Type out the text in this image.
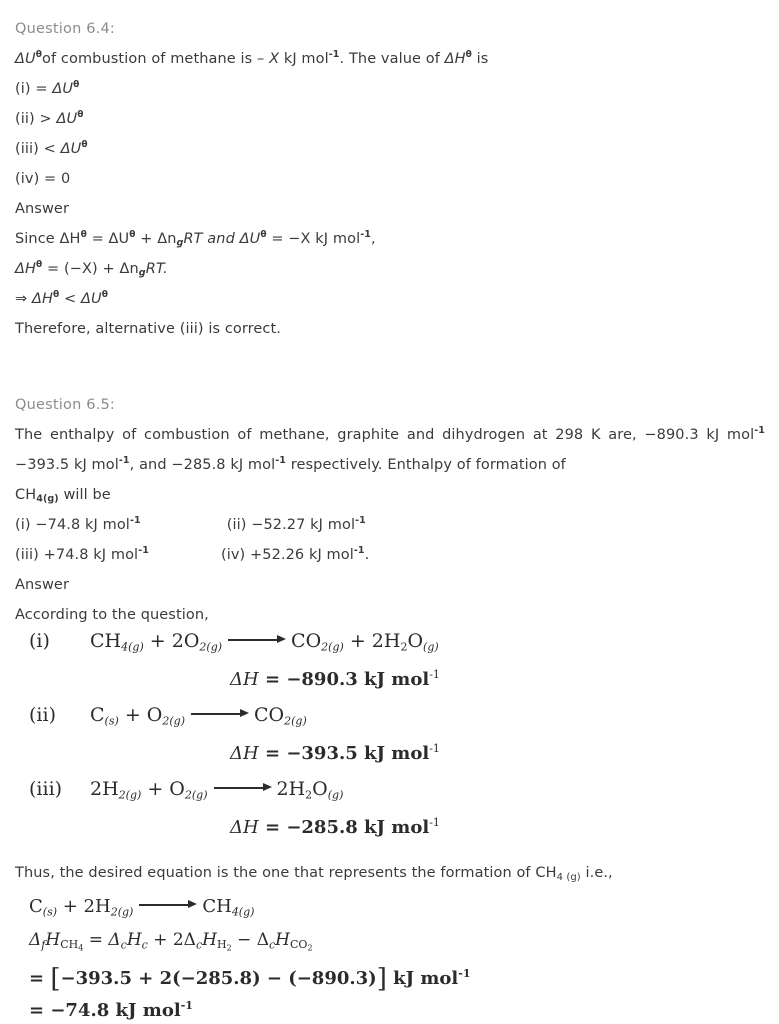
Question 6.4:
$\Delta U^\theta of$ combustion of methane is – X kJ mol$^{-1}$. The value of $\Delta H^\theta$ is
$(i) = \Delta U^\theta$
$(ii) > \Delta U^\theta$
$(iii) < \Delta U^\theta$
(iv) = 0
Answer
Since $\Delta H^\theta = \Delta U^\theta + \Delta n_gRT$ and $\Delta U^\theta = -X$ kJ mol$^{-1}$,
$\Delta H^\theta = (-X) + \Delta n_gRT$.
⇒ $\Delta H^\theta < \Delta U^\theta$
Therefore, alternative (iii) is correct.
Question 6.5:
The enthalpy of combustion of methane, graphite and dihydrogen at 298 K are, −890.3 kJ mol$^{-1}$ −393.5 kJ mol$^{-1}$, and −285.8 kJ mol$^{-1}$ respectively. Enthalpy of formation of
$CH_{4(g)}$ will be
(i) −74.8 kJ mol$^{-1}$	(ii) −52.27 kJ mol$^{-1}$
(iii) +74.8 kJ mol$^{-1}$	(iv) +52.26 kJ mol$^{-1}$.
Answer
According to the question,
(i) CH4(g) + 2O2(g)	CO2(g) + 2H2O(g)
ΔH = −890.3 kJ mol$^{-1}$
(ii) C(s) + O2(g)	CO2(g)
ΔH = −393.5 kJ mol$^{-1}$
(iii) 2H2(g) + O2(g)	2H2O(g)
ΔH = −285.8 kJ mol$^{-1}$
Thus, the desired equation is the one that represents the formation of $CH_{4 (g)}$ i.e.,
C(s) + 2H2(g)	CH4(g)
ΔfHCH$_4$ = ΔcHc + 2ΔcHH$_2$ − ΔcHCO$_2$
= [−393.5 + 2(−285.8) − (−890.3)] kJ mol$^{-1}$
= −74.8 kJ mol$^{-1}$
